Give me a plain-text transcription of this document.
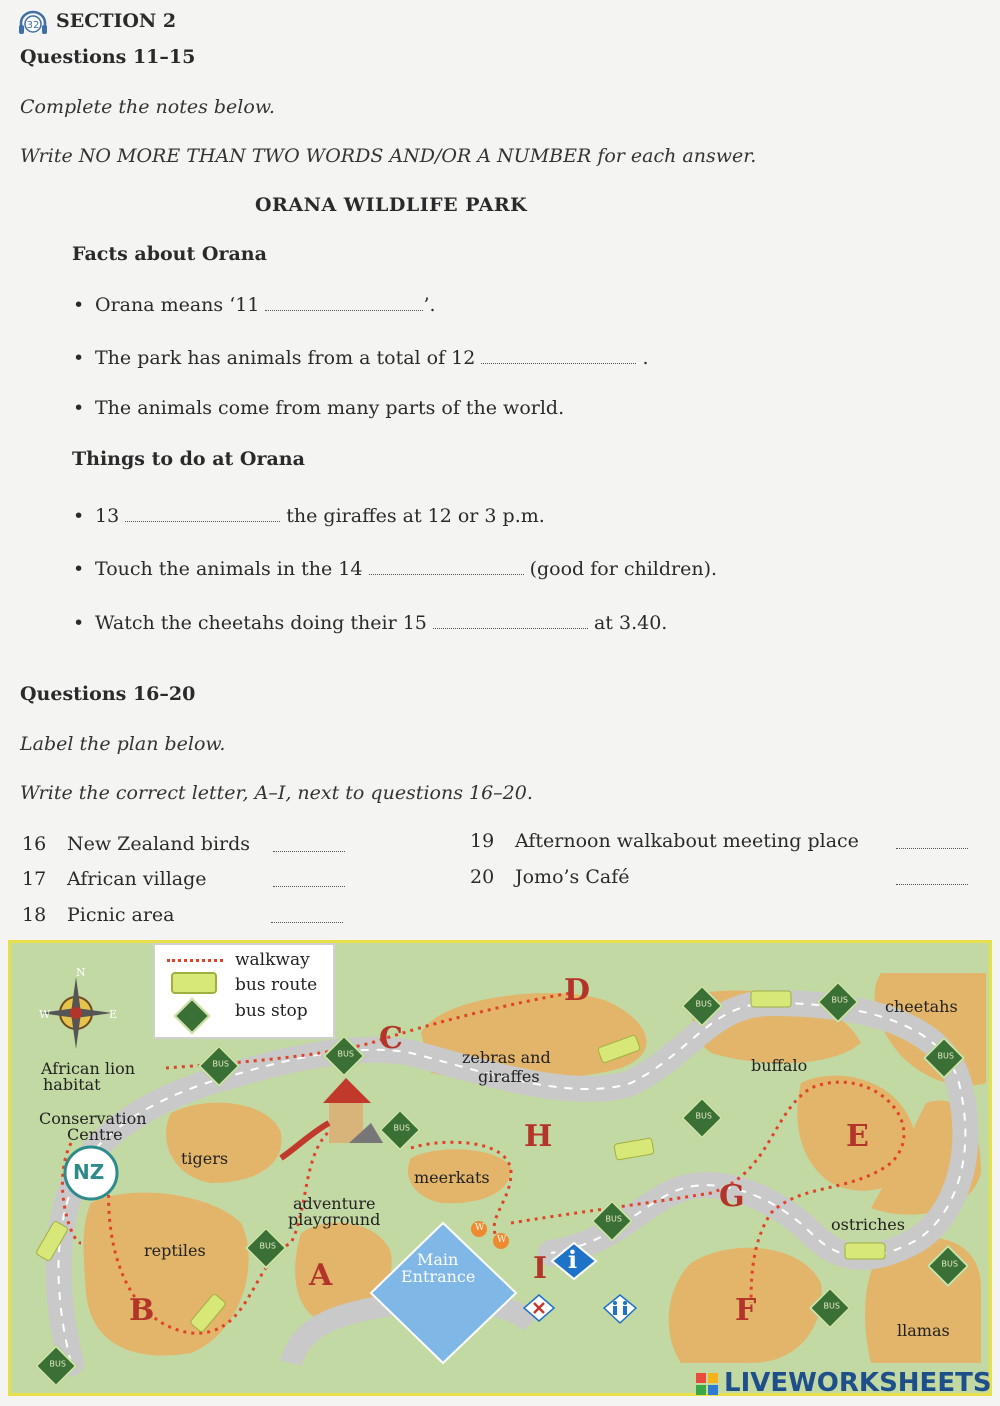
32 SECTION 2
Questions 11–15
Complete the notes below.
Write NO MORE THAN TWO WORDS AND/OR A NUMBER for each answer.
ORANA WILDLIFE PARK
Facts about Orana
• Orana means ‘11	’.
• The park has animals from a total of 12	.
• The animals come from many parts of the world.
Things to do at Orana
• 13	the giraffes at 12 or 3 p.m.
• Touch the animals in the 14	(good for children).
• Watch the cheetahs doing their 15	at 3.40.
Questions 16–20
Label the plan below.
Write the correct letter, A–I, next to questions 16–20.
16 New Zealand birds
17 African village
18 Picnic area
19 Afternoon walkabout meeting place
20 Jomo’s Café
BUS
BUS
BUS
BUS	BUS
BUS
BUS
BUS
BUS
BUS
BUS
BUS
walkway
bus route
bus stop
N
W	E
African lion
habitat
Conservation
Centre
NZ
tigers
reptiles
adventure
playground
zebras and
giraffes
meerkats
Main
Entrance
buffalo
cheetahs
ostriches
llamas
A
B
C
D
E
F
G
H
I i
W
W
LIVEWORKSHEETS
